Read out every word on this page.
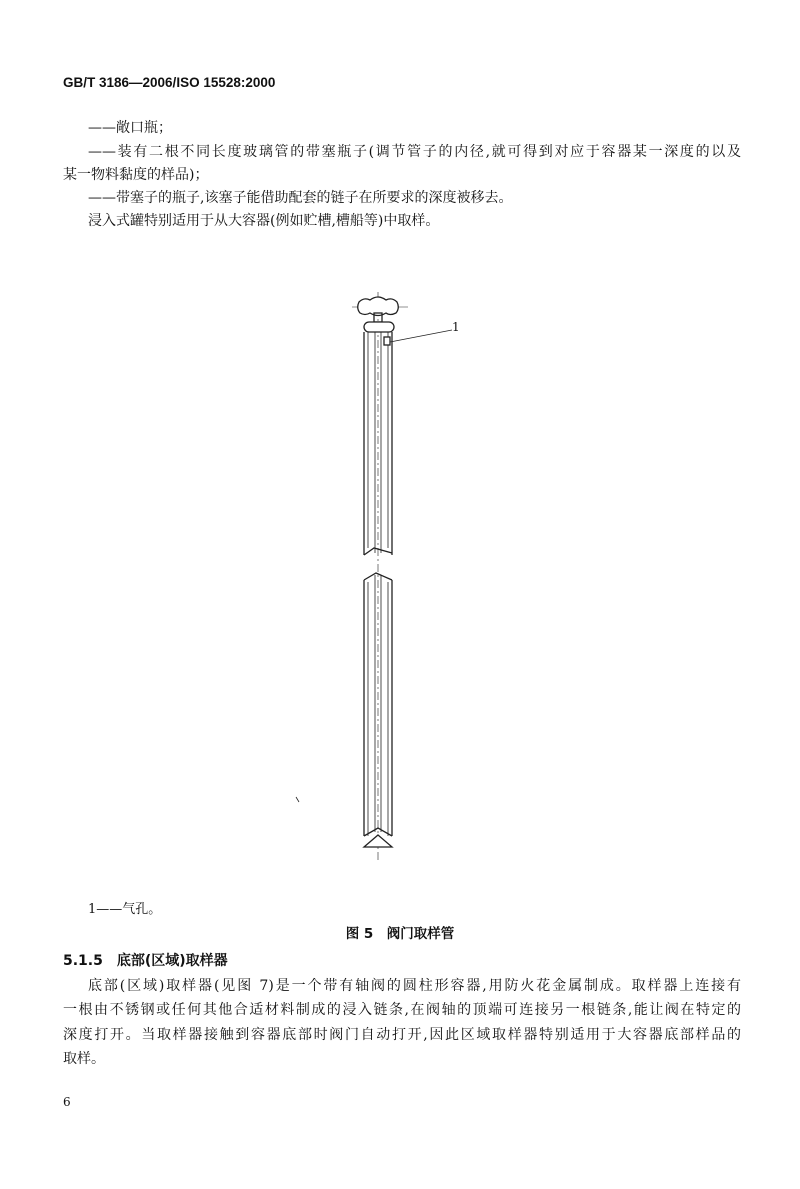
GB/T 3186—2006/ISO 15528:2000
——敞口瓶；
——装有二根不同长度玻璃管的带塞瓶子(调节管子的内径,就可得到对应于容器某一深度的以及
某一物料黏度的样品)；
——带塞子的瓶子,该塞子能借助配套的链子在所要求的深度被移去。
浸入式罐特别适用于从大容器(例如贮槽,槽船等)中取样。
1
1——气孔。
图 5　阀门取样管
5.1.5　底部(区域)取样器
底部(区域)取样器(见图 7)是一个带有轴阀的圆柱形容器,用防火花金属制成。取样器上连接有
一根由不锈钢或任何其他合适材料制成的浸入链条,在阀轴的顶端可连接另一根链条,能让阀在特定的
深度打开。当取样器接触到容器底部时阀门自动打开,因此区域取样器特别适用于大容器底部样品的
取样。
6
